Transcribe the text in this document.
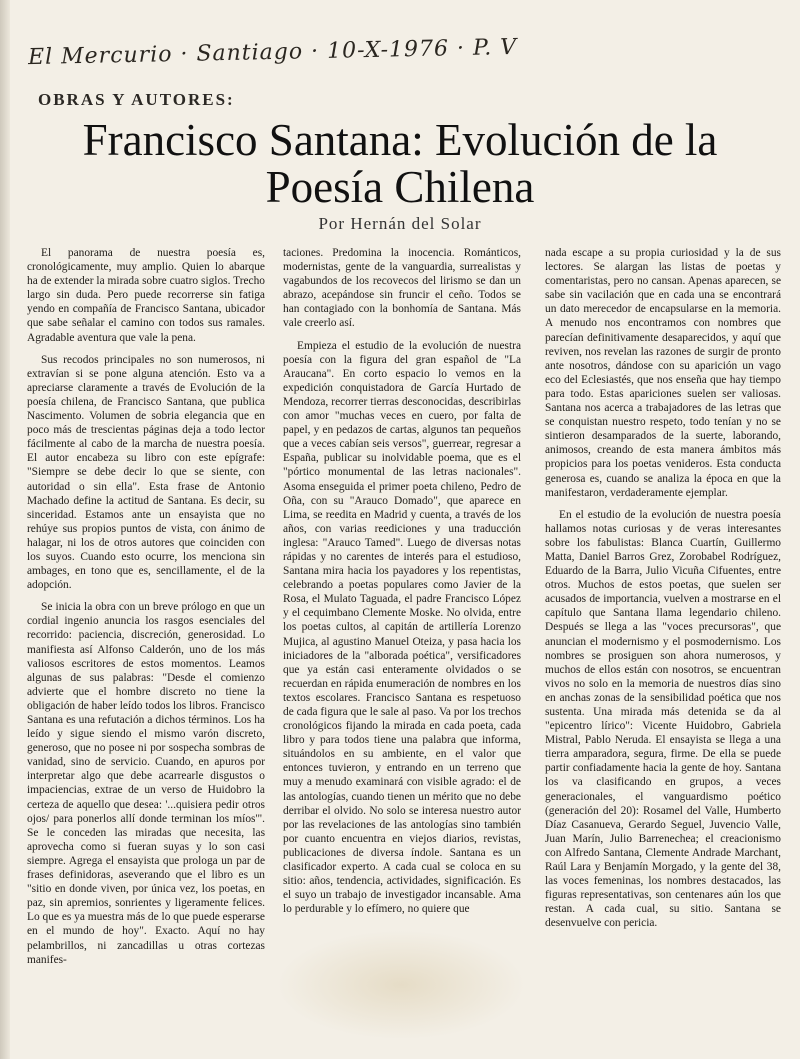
El Mercurio · Santiago · 10-X-1976 · P. V
OBRAS Y AUTORES:
Francisco Santana: Evolución de la
Poesía Chilena
Por Hernán del Solar

El panorama de nuestra poesía es, cronológicamente, muy amplio. Quien lo abarque ha de extender la mirada sobre cuatro siglos. Trecho largo sin duda. Pero puede recorrerse sin fatiga yendo en compañía de Francisco Santana, ubicador que sabe señalar el camino con todos sus ramales. Agradable aventura que vale la pena.

Sus recodos principales no son numerosos, ni extravían si se pone alguna atención. Esto va a apreciarse claramente a través de Evolución de la poesía chilena, de Francisco Santana, que publica Nascimento. Volumen de sobria elegancia que en poco más de trescientas páginas deja a todo lector fácilmente al cabo de la marcha de nuestra poesía. El autor encabeza su libro con este epígrafe: "Siempre se debe decir lo que se siente, con autoridad o sin ella". Esta frase de Antonio Machado define la actitud de Santana. Es decir, su sinceridad. Estamos ante un ensayista que no rehúye sus propios puntos de vista, con ánimo de halagar, ni los de otros autores que coinciden con los suyos. Cuando esto ocurre, los menciona sin ambages, en tono que es, sencillamente, el de la adopción.

Se inicia la obra con un breve prólogo en que un cordial ingenio anuncia los rasgos esenciales del recorrido: paciencia, discreción, generosidad. Lo manifiesta así Alfonso Calderón, uno de los más valiosos escritores de estos momentos. Leamos algunas de sus palabras: "Desde el comienzo advierte que el hombre discreto no tiene la obligación de haber leído todos los libros. Francisco Santana es una refutación a dichos términos. Los ha leído y sigue siendo el mismo varón discreto, generoso, que no posee ni por sospecha sombras de vanidad, sino de servicio. Cuando, en apuros por interpretar algo que debe acarrearle disgustos o impaciencias, extrae de un verso de Huidobro la certeza de aquello que desea: '...quisiera pedir otros ojos/ para ponerlos allí donde terminan los míos'". Se le conceden las miradas que necesita, las aprovecha como si fueran suyas y lo son casi siempre. Agrega el ensayista que prologa un par de frases definidoras, aseverando que el libro es un "sitio en donde viven, por única vez, los poetas, en paz, sin apremios, sonrientes y ligeramente felices. Lo que es ya muestra más de lo que puede esperarse en el mundo de hoy". Exacto. Aquí no hay pelambrillos, ni zancadillas u otras cortezas manifes-

taciones. Predomina la inocencia. Románticos, modernistas, gente de la vanguardia, surrealistas y vagabundos de los recovecos del lirismo se dan un abrazo, acepándose sin fruncir el ceño. Todos se han contagiado con la bonhomía de Santana. Más vale creerlo así.

Empieza el estudio de la evolución de nuestra poesía con la figura del gran español de "La Araucana". En corto espacio lo vemos en la expedición conquistadora de García Hurtado de Mendoza, recorrer tierras desconocidas, describirlas con amor "muchas veces en cuero, por falta de papel, y en pedazos de cartas, algunos tan pequeños que a veces cabían seis versos", guerrear, regresar a España, publicar su inolvidable poema, que es el "pórtico monumental de las letras nacionales". Asoma enseguida el primer poeta chileno, Pedro de Oña, con su "Arauco Domado", que aparece en Lima, se reedita en Madrid y cuenta, a través de los años, con varias reediciones y una traducción inglesa: "Arauco Tamed". Luego de diversas notas rápidas y no carentes de interés para el estudioso, Santana mira hacia los payadores y los repentistas, celebrando a poetas populares como Javier de la Rosa, el Mulato Taguada, el padre Francisco López y el cequimbano Clemente Moske. No olvida, entre los poetas cultos, al capitán de artillería Lorenzo Mujica, al agustino Manuel Oteiza, y pasa hacia los iniciadores de la "alborada poética", versificadores que ya están casi enteramente olvidados o se recuerdan en rápida enumeración de nombres en los textos escolares. Francisco Santana es respetuoso de cada figura que le sale al paso. Va por los trechos cronológicos fijando la mirada en cada poeta, cada libro y para todos tiene una palabra que informa, situándolos en su ambiente, en el valor que entonces tuvieron, y entrando en un terreno que muy a menudo examinará con visible agrado: el de las antologías, cuando tienen un mérito que no debe derribar el olvido. No solo se interesa nuestro autor por las revelaciones de las antologías sino también por cuanto encuentra en viejos diarios, revistas, publicaciones de diversa índole. Santana es un clasificador experto. A cada cual se coloca en su sitio: años, tendencia, actividades, significación. Es el suyo un trabajo de investigador incansable. Ama lo perdurable y lo efímero, no quiere que

nada escape a su propia curiosidad y la de sus lectores. Se alargan las listas de poetas y comentaristas, pero no cansan. Apenas aparecen, se sabe sin vacilación que en cada una se encontrará un dato merecedor de encapsularse en la memoria. A menudo nos encontramos con nombres que parecían definitivamente desaparecidos, y aquí que reviven, nos revelan las razones de surgir de pronto ante nosotros, dándose con su aparición un vago eco del Eclesiastés, que nos enseña que hay tiempo para todo. Estas apariciones suelen ser valiosas. Santana nos acerca a trabajadores de las letras que se conquistan nuestro respeto, todo tenían y no se sintieron desamparados de la suerte, laborando, animosos, creando de esta manera ámbitos más propicios para los poetas venideros. Esta conducta generosa es, cuando se analiza la época en que la manifestaron, verdaderamente ejemplar.

En el estudio de la evolución de nuestra poesía hallamos notas curiosas y de veras interesantes sobre los fabulistas: Blanca Cuartín, Guillermo Matta, Daniel Barros Grez, Zorobabel Rodríguez, Eduardo de la Barra, Julio Vicuña Cifuentes, entre otros. Muchos de estos poetas, que suelen ser acusados de importancia, vuelven a mostrarse en el capítulo que Santana llama legendario chileno. Después se llega a las "voces precursoras", que anuncian el modernismo y el posmodernismo. Los nombres se prosiguen son ahora numerosos, y muchos de ellos están con nosotros, se encuentran vivos no solo en la memoria de nuestros días sino en anchas zonas de la sensibilidad poética que nos sustenta. Una mirada más detenida se da al "epicentro lírico": Vicente Huidobro, Gabriela Mistral, Pablo Neruda. El ensayista se llega a una tierra amparadora, segura, firme. De ella se puede partir confiadamente hacia la gente de hoy. Santana los va clasificando en grupos, a veces generacionales, el vanguardismo poético (generación del 20): Rosamel del Valle, Humberto Díaz Casanueva, Gerardo Seguel, Juvencio Valle, Juan Marín, Julio Barrenechea; el creacionismo con Alfredo Santana, Clemente Andrade Marchant, Raúl Lara y Benjamín Morgado, y la gente del 38, las voces femeninas, los nombres destacados, las figuras representativas, son centenares aún los que restan. A cada cual, su sitio. Santana se desenvuelve con pericia.
